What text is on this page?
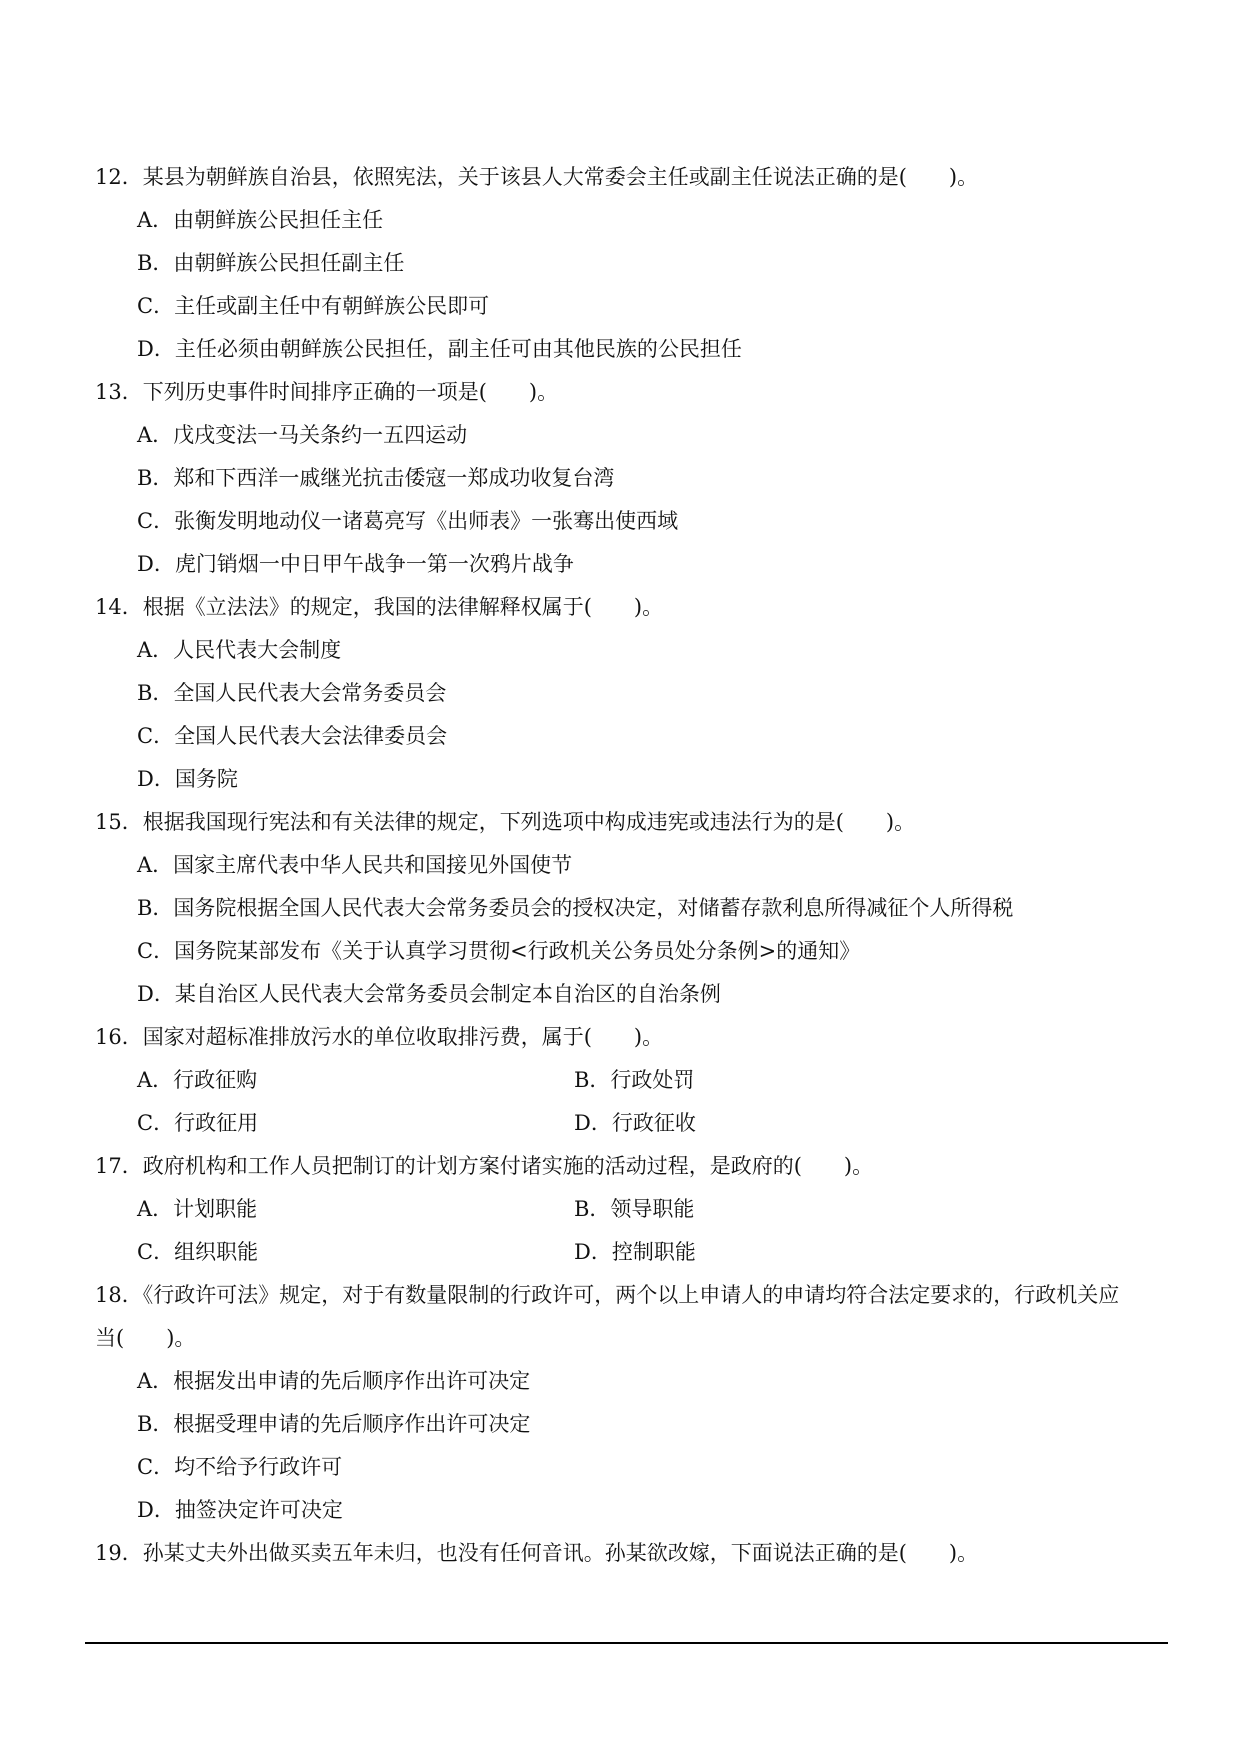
12．某县为朝鲜族自治县，依照宪法，关于该县人大常委会主任或副主任说法正确的是(　　)。
A．由朝鲜族公民担任主任
B．由朝鲜族公民担任副主任
C．主任或副主任中有朝鲜族公民即可
D．主任必须由朝鲜族公民担任，副主任可由其他民族的公民担任
13．下列历史事件时间排序正确的一项是(　　)。
A．戊戌变法一马关条约一五四运动
B．郑和下西洋一戚继光抗击倭寇一郑成功收复台湾
C．张衡发明地动仪一诸葛亮写《出师表》一张骞出使西域
D．虎门销烟一中日甲午战争一第一次鸦片战争
14．根据《立法法》的规定，我国的法律解释权属于(　　)。
A．人民代表大会制度
B．全国人民代表大会常务委员会
C．全国人民代表大会法律委员会
D．国务院
15．根据我国现行宪法和有关法律的规定，下列选项中构成违宪或违法行为的是(　　)。
A．国家主席代表中华人民共和国接见外国使节
B．国务院根据全国人民代表大会常务委员会的授权决定，对储蓄存款利息所得减征个人所得税
C．国务院某部发布《关于认真学习贯彻<行政机关公务员处分条例>的通知》
D．某自治区人民代表大会常务委员会制定本自治区的自治条例
16．国家对超标准排放污水的单位收取排污费，属于(　　)。
A．行政征购	B．行政处罚
C．行政征用	D．行政征收
17．政府机构和工作人员把制订的计划方案付诸实施的活动过程，是政府的(　　)。
A．计划职能	B．领导职能
C．组织职能	D．控制职能
18．《行政许可法》规定，对于有数量限制的行政许可，两个以上申请人的申请均符合法定要求的，行政机关应
当(　　)。
A．根据发出申请的先后顺序作出许可决定
B．根据受理申请的先后顺序作出许可决定
C．均不给予行政许可
D．抽签决定许可决定
19．孙某丈夫外出做买卖五年未归，也没有任何音讯。孙某欲改嫁，下面说法正确的是(　　)。
